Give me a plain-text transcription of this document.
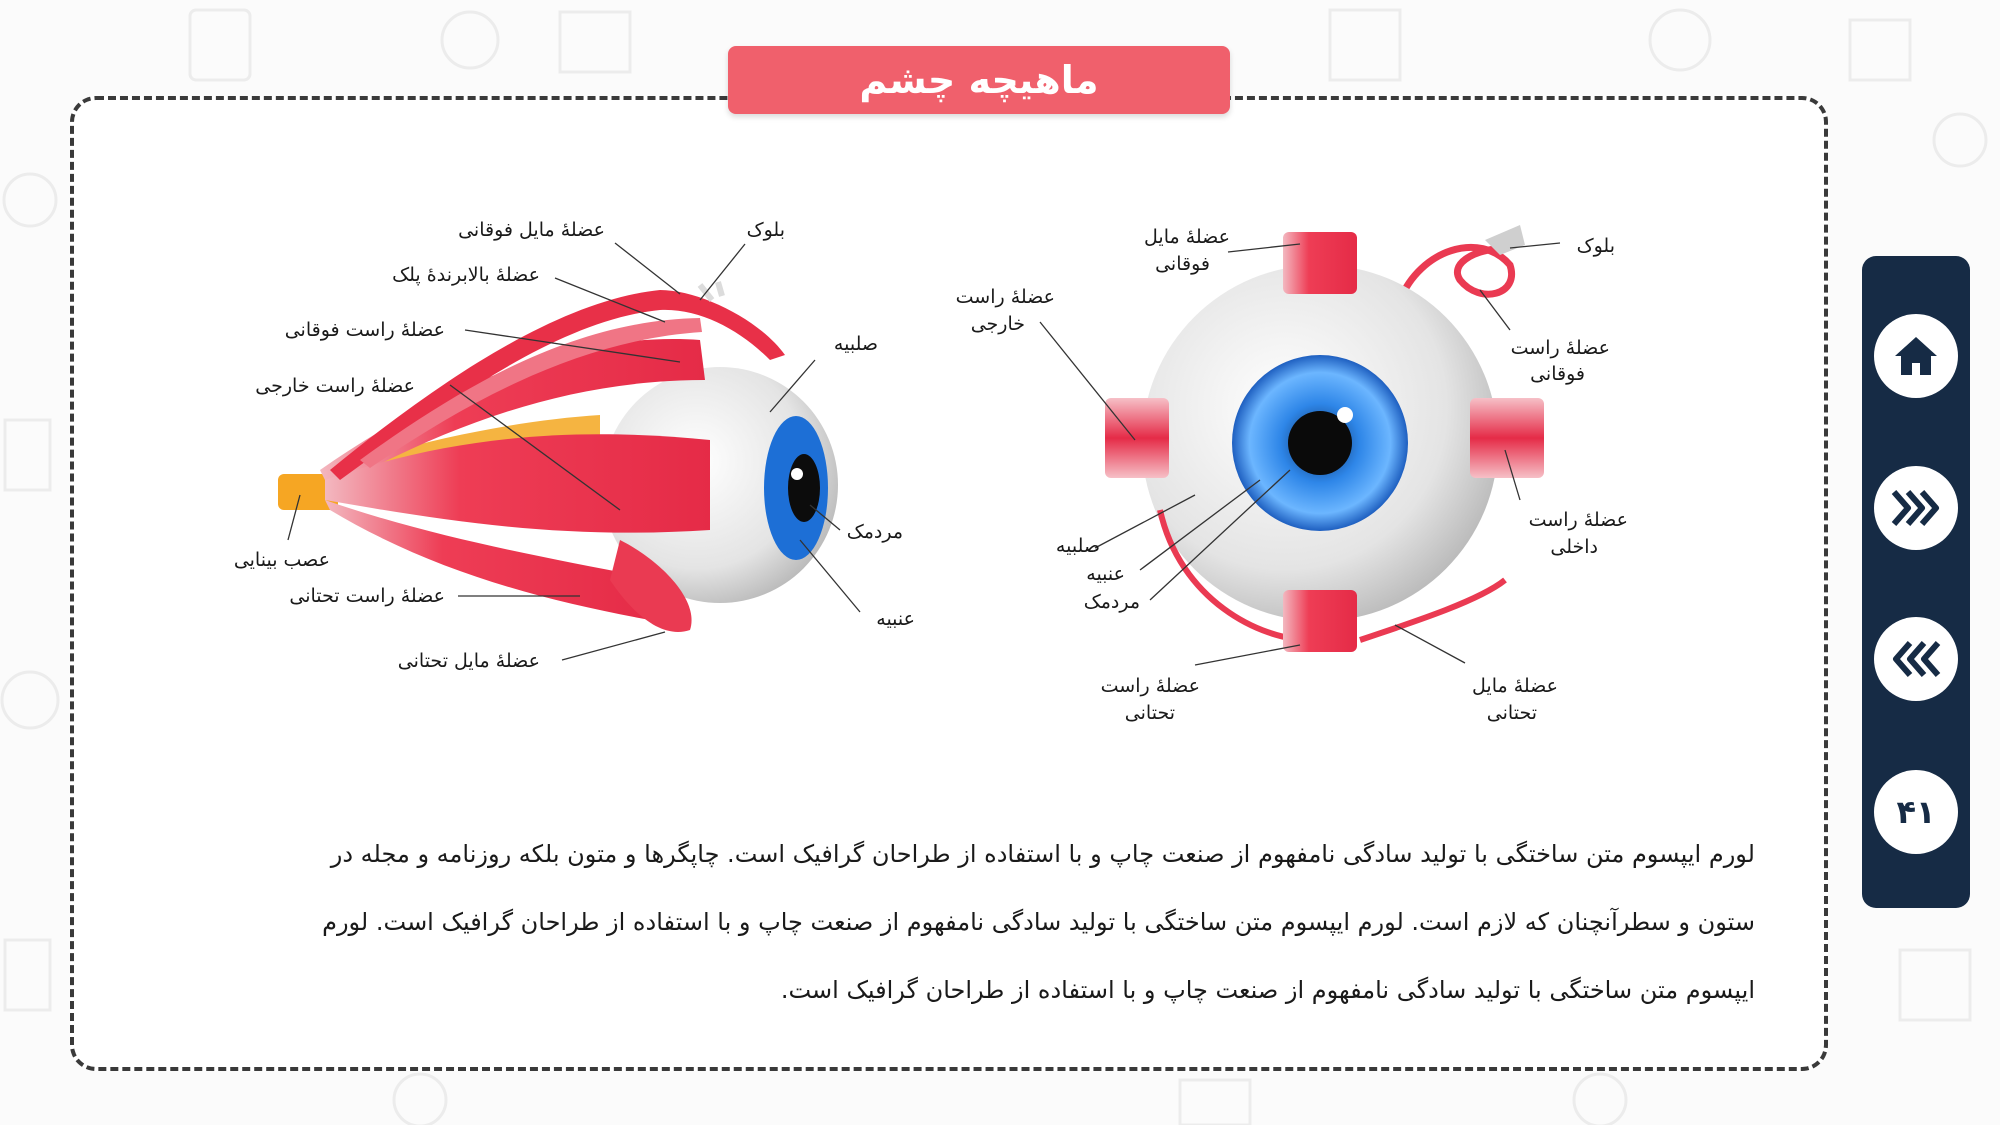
ماهیچه چشم
بلوک
عضلهٔ مایل فوقانی
عضلهٔ بالابرندهٔ پلک
عضلهٔ راست فوقانی
عضلهٔ راست خارجی
صلبیه
مردمک
عنبیه
عصب بینایی
عضلهٔ راست تحتانی
عضلهٔ مایل تحتانی
عضلهٔ مایل
فوقانی
بلوک
عضلهٔ راست
خارجی
عضلهٔ راست
فوقانی
عضلهٔ راست
داخلی
صلبیه
عنبیه
مردمک
عضلهٔ راست
تحتانی
عضلهٔ مایل
تحتانی
لورم ایپسوم متن ساختگی با تولید سادگی نامفهوم از صنعت چاپ و با استفاده از طراحان گرافیک است. چاپگرها و متون بلکه روزنامه و مجله در
ستون و سطرآنچنان که لازم است. لورم ایپسوم متن ساختگی با تولید سادگی نامفهوم از صنعت چاپ و با استفاده از طراحان گرافیک است. لورم
ایپسوم متن ساختگی با تولید سادگی نامفهوم از صنعت چاپ و با استفاده از طراحان گرافیک است.
۴۱
